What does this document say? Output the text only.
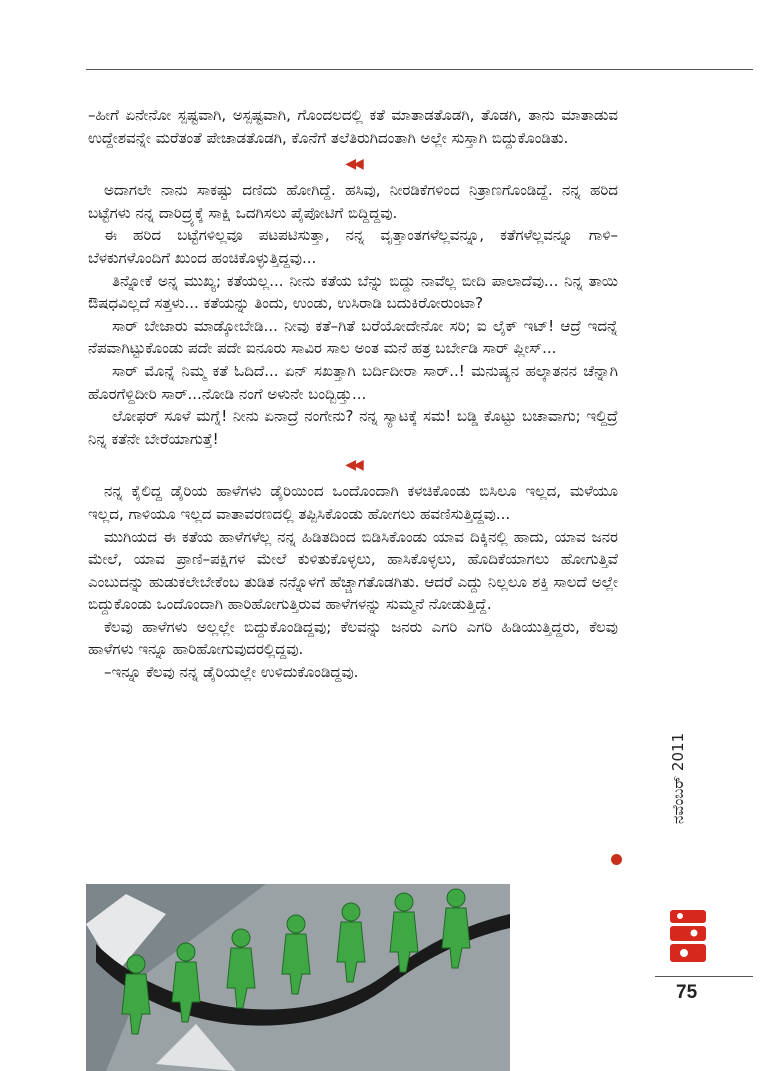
–ಹೀಗೆ ಏನೇನೋ ಸ್ಪಷ್ಟವಾಗಿ, ಅಸ್ಪಷ್ಟವಾಗಿ, ಗೊಂದಲದಲ್ಲಿ ಕತೆ ಮಾತಾಡತೊಡಗಿ, ತೊಡಗಿ, ತಾನು ಮಾತಾಡುವ ಉದ್ದೇಶವನ್ನೇ ಮರೆತಂತೆ ಪೇಚಾಡತೊಡಗಿ, ಕೊನೆಗೆ ತಲೆತಿರುಗಿದಂತಾಗಿ ಅಲ್ಲೇ ಸುಸ್ತಾಗಿ ಬಿದ್ದುಕೊಂಡಿತು.

◀◀

ಅದಾಗಲೇ ನಾನು ಸಾಕಷ್ಟು ದಣಿದು ಹೋಗಿದ್ದೆ. ಹಸಿವು, ನೀರಡಿಕೆಗಳಿಂದ ನಿತ್ರಾಣಗೊಂಡಿದ್ದೆ. ನನ್ನ ಹರಿದ ಬಟ್ಟೆಗಳು ನನ್ನ ದಾರಿದ್ರ್ಯಕ್ಕೆ ಸಾಕ್ಷಿ ಒದಗಿಸಲು ಪೈಪೋಟಿಗೆ ಬಿದ್ದಿದ್ದವು.

ಈ ಹರಿದ ಬಟ್ಟೆಗಳಿಲ್ಲವೂ ಪಟಪಟಿಸುತ್ತಾ, ನನ್ನ ವೃತ್ತಾಂತಗಳೆಲ್ಲವನ್ನೂ, ಕತೆಗಳೆಲ್ಲವನ್ನೂ ಗಾಳಿ–ಬೆಳಕುಗಳೊಂದಿಗೆ ಖುಂದ ಹಂಚಿಕೊಳ್ಳುತ್ತಿದ್ದವು...

ತಿನ್ನೋಕೆ ಅನ್ನ ಮುಖ್ಯ; ಕತೆಯಲ್ಲ... ನೀನು ಕತೆಯ ಬೆನ್ನು ಬಿದ್ದು ನಾವೆಲ್ಲ ಬೀದಿ ಪಾಲಾದೆವು... ನಿನ್ನ ತಾಯಿ ಔಷಧವಿಲ್ಲದೆ ಸತ್ತಳು... ಕತೆಯನ್ನು ತಿಂದು, ಉಂಡು, ಉಸಿರಾಡಿ ಬದುಕಿರೋರುಂಟಾ?

ಸಾರ್ ಬೇಜಾರು ಮಾಡ್ಕೋಬೇಡಿ... ನೀವು ಕತೆ–ಗಿತೆ ಬರೆಯೋದೇನೋ ಸರಿ; ಐ ಲೈಕ್ ಇಟ್! ಆದ್ರೆ ಇದನ್ನೆ ನೆಪವಾಗಿಟ್ಟುಕೊಂಡು ಪದೇ ಪದೇ ಐನೂರು ಸಾವಿರ ಸಾಲ ಅಂತ ಮನೆ ಹತ್ರ ಬರ್ಬೇಡಿ ಸಾರ್ ಪ್ಲೀಸ್...

ಸಾರ್ ಮೊನ್ನೆ ನಿಮ್ಮ ಕತೆ ಓದಿದೆ... ಏನ್ ಸಖತ್ತಾಗಿ ಬರ್ದಿದೀರಾ ಸಾರ್..! ಮನುಷ್ಯನ ಹಲ್ಕಾತನನ ಚೆನ್ನಾಗಿ ಹೊರಗೆಳ್ದಿದೀರಿ ಸಾರ್...ನೋಡಿ ನಂಗೆ ಅಳುನೇ ಬಂದ್ಬಿಡ್ತು...

ಲೋಫರ್ ಸೂಳೆ ಮಗ್ನೆ! ನೀನು ಏನಾದ್ರೆ ನಂಗೇನು? ನನ್ನ ಸ್ಯಾಟಕ್ಕೆ ಸಮ! ಬಡ್ಡಿ ಕೊಟ್ಟು ಬಚಾವಾಗು; ಇಲ್ದಿದ್ರೆ ನಿನ್ನ ಕತೆನೇ ಬೇರೆಯಾಗುತ್ತೆ!

◀◀

ನನ್ನ ಕೈಲಿದ್ದ ಡೈರಿಯ ಹಾಳೆಗಳು ಡೈರಿಯಿಂದ ಒಂದೊಂದಾಗಿ ಕಳಚಿಕೊಂಡು ಬಿಸಿಲೂ ಇಲ್ಲದ, ಮಳೆಯೂ ಇಲ್ಲದ, ಗಾಳಿಯೂ ಇಲ್ಲದ ವಾತಾವರಣದಲ್ಲಿ ತಪ್ಪಿಸಿಕೊಂಡು ಹೋಗಲು ಹವಣಿಸುತ್ತಿದ್ದವು...

ಮುಗಿಯದ ಈ ಕತೆಯ ಹಾಳೆಗಳೆಲ್ಲ ನನ್ನ ಹಿಡಿತದಿಂದ ಬಿಡಿಸಿಕೊಂಡು ಯಾವ ದಿಕ್ಕಿನಲ್ಲಿ ಹಾದು, ಯಾವ ಜನರ ಮೇಲೆ, ಯಾವ ಪ್ರಾಣಿ–ಪಕ್ಷಿಗಳ ಮೇಲೆ ಕುಳಿತುಕೊಳ್ಳಲು, ಹಾಸಿಕೊಳ್ಳಲು, ಹೊದಿಕೆಯಾಗಲು ಹೋಗುತ್ತಿವೆ ಎಂಬುದನ್ನು ಹುಡುಕಲೇಬೇಕೆಂಬ ತುಡಿತ ನನ್ನೊಳಗೆ ಹೆಚ್ಚಾಗತೊಡಗಿತು. ಆದರೆ ಎದ್ದು ನಿಲ್ಲಲೂ ಶಕ್ತಿ ಸಾಲದೆ ಅಲ್ಲೇ ಬಿದ್ದುಕೊಂಡು ಒಂದೊಂದಾಗಿ ಹಾರಿಹೋಗುತ್ತಿರುವ ಹಾಳೆಗಳನ್ನು ಸುಮ್ಮನೆ ನೋಡುತ್ತಿದ್ದೆ.

ಕೆಲವು ಹಾಳೆಗಳು ಅಲ್ಲಲ್ಲೇ ಬಿದ್ದುಕೊಂಡಿದ್ದವು; ಕೆಲವನ್ನು ಜನರು ಎಗರಿ ಎಗರಿ ಹಿಡಿಯುತ್ತಿದ್ದರು, ಕೆಲವು ಹಾಳೆಗಳು ಇನ್ನೂ ಹಾರಿಹೋಗುವುದರಲ್ಲಿದ್ದವು.

–ಇನ್ನೂ ಕೆಲವು ನನ್ನ ಡೈರಿಯಲ್ಲೇ ಉಳಿದುಕೊಂಡಿದ್ದವು.

ನವೆಂಬರ್ 2011
75
